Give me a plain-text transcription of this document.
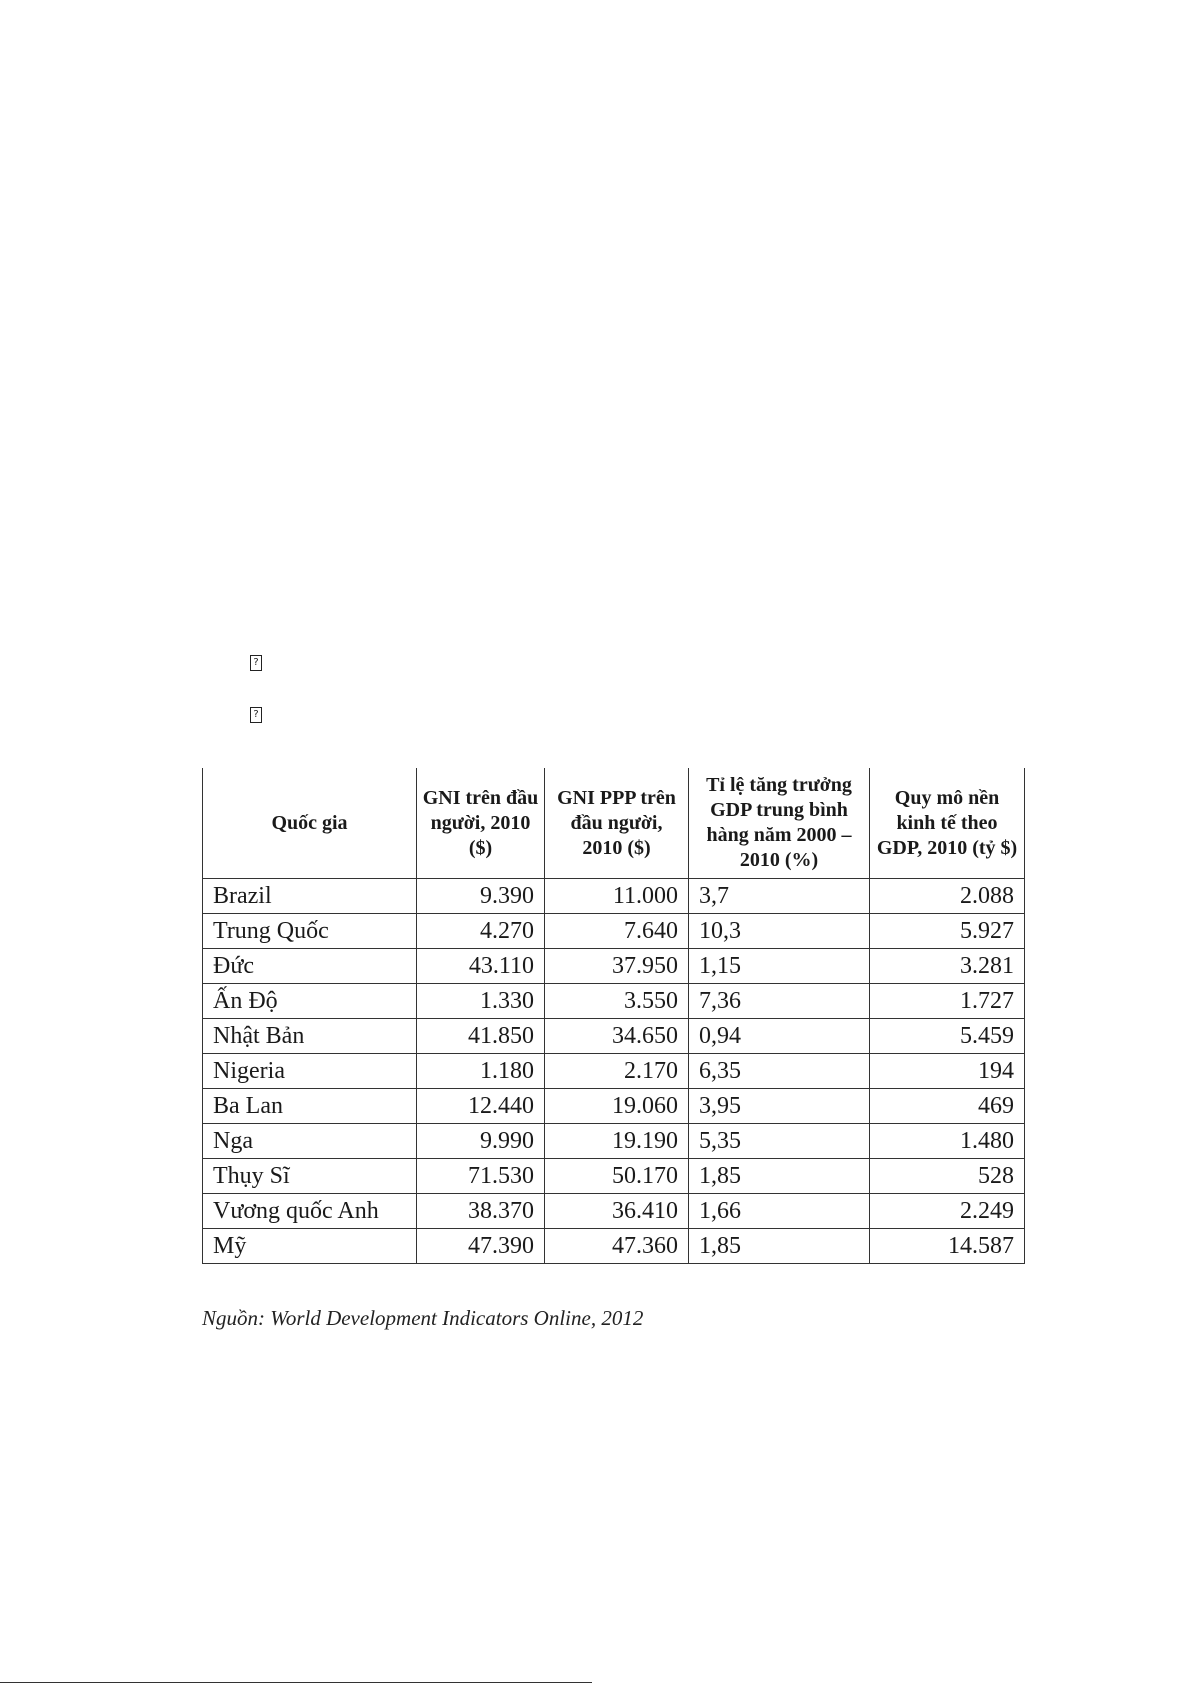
?
?
Quốc gia	GNI trên đầu người, 2010 ($)	GNI PPP trên đầu người, 2010 ($)	Tỉ lệ tăng trưởng GDP trung bình hàng năm 2000 – 2010 (%)	Quy mô nền kinh tế theo GDP, 2010 (tỷ $)
Brazil	9.390	11.000	3,7	2.088
Trung Quốc	4.270	7.640	10,3	5.927
Đức	43.110	37.950	1,15	3.281
Ấn Độ	1.330	3.550	7,36	1.727
Nhật Bản	41.850	34.650	0,94	5.459
Nigeria	1.180	2.170	6,35	194
Ba Lan	12.440	19.060	3,95	469
Nga	9.990	19.190	5,35	1.480
Thụy Sĩ	71.530	50.170	1,85	528
Vương quốc Anh	38.370	36.410	1,66	2.249
Mỹ	47.390	47.360	1,85	14.587
Nguồn: World Development Indicators Online, 2012
